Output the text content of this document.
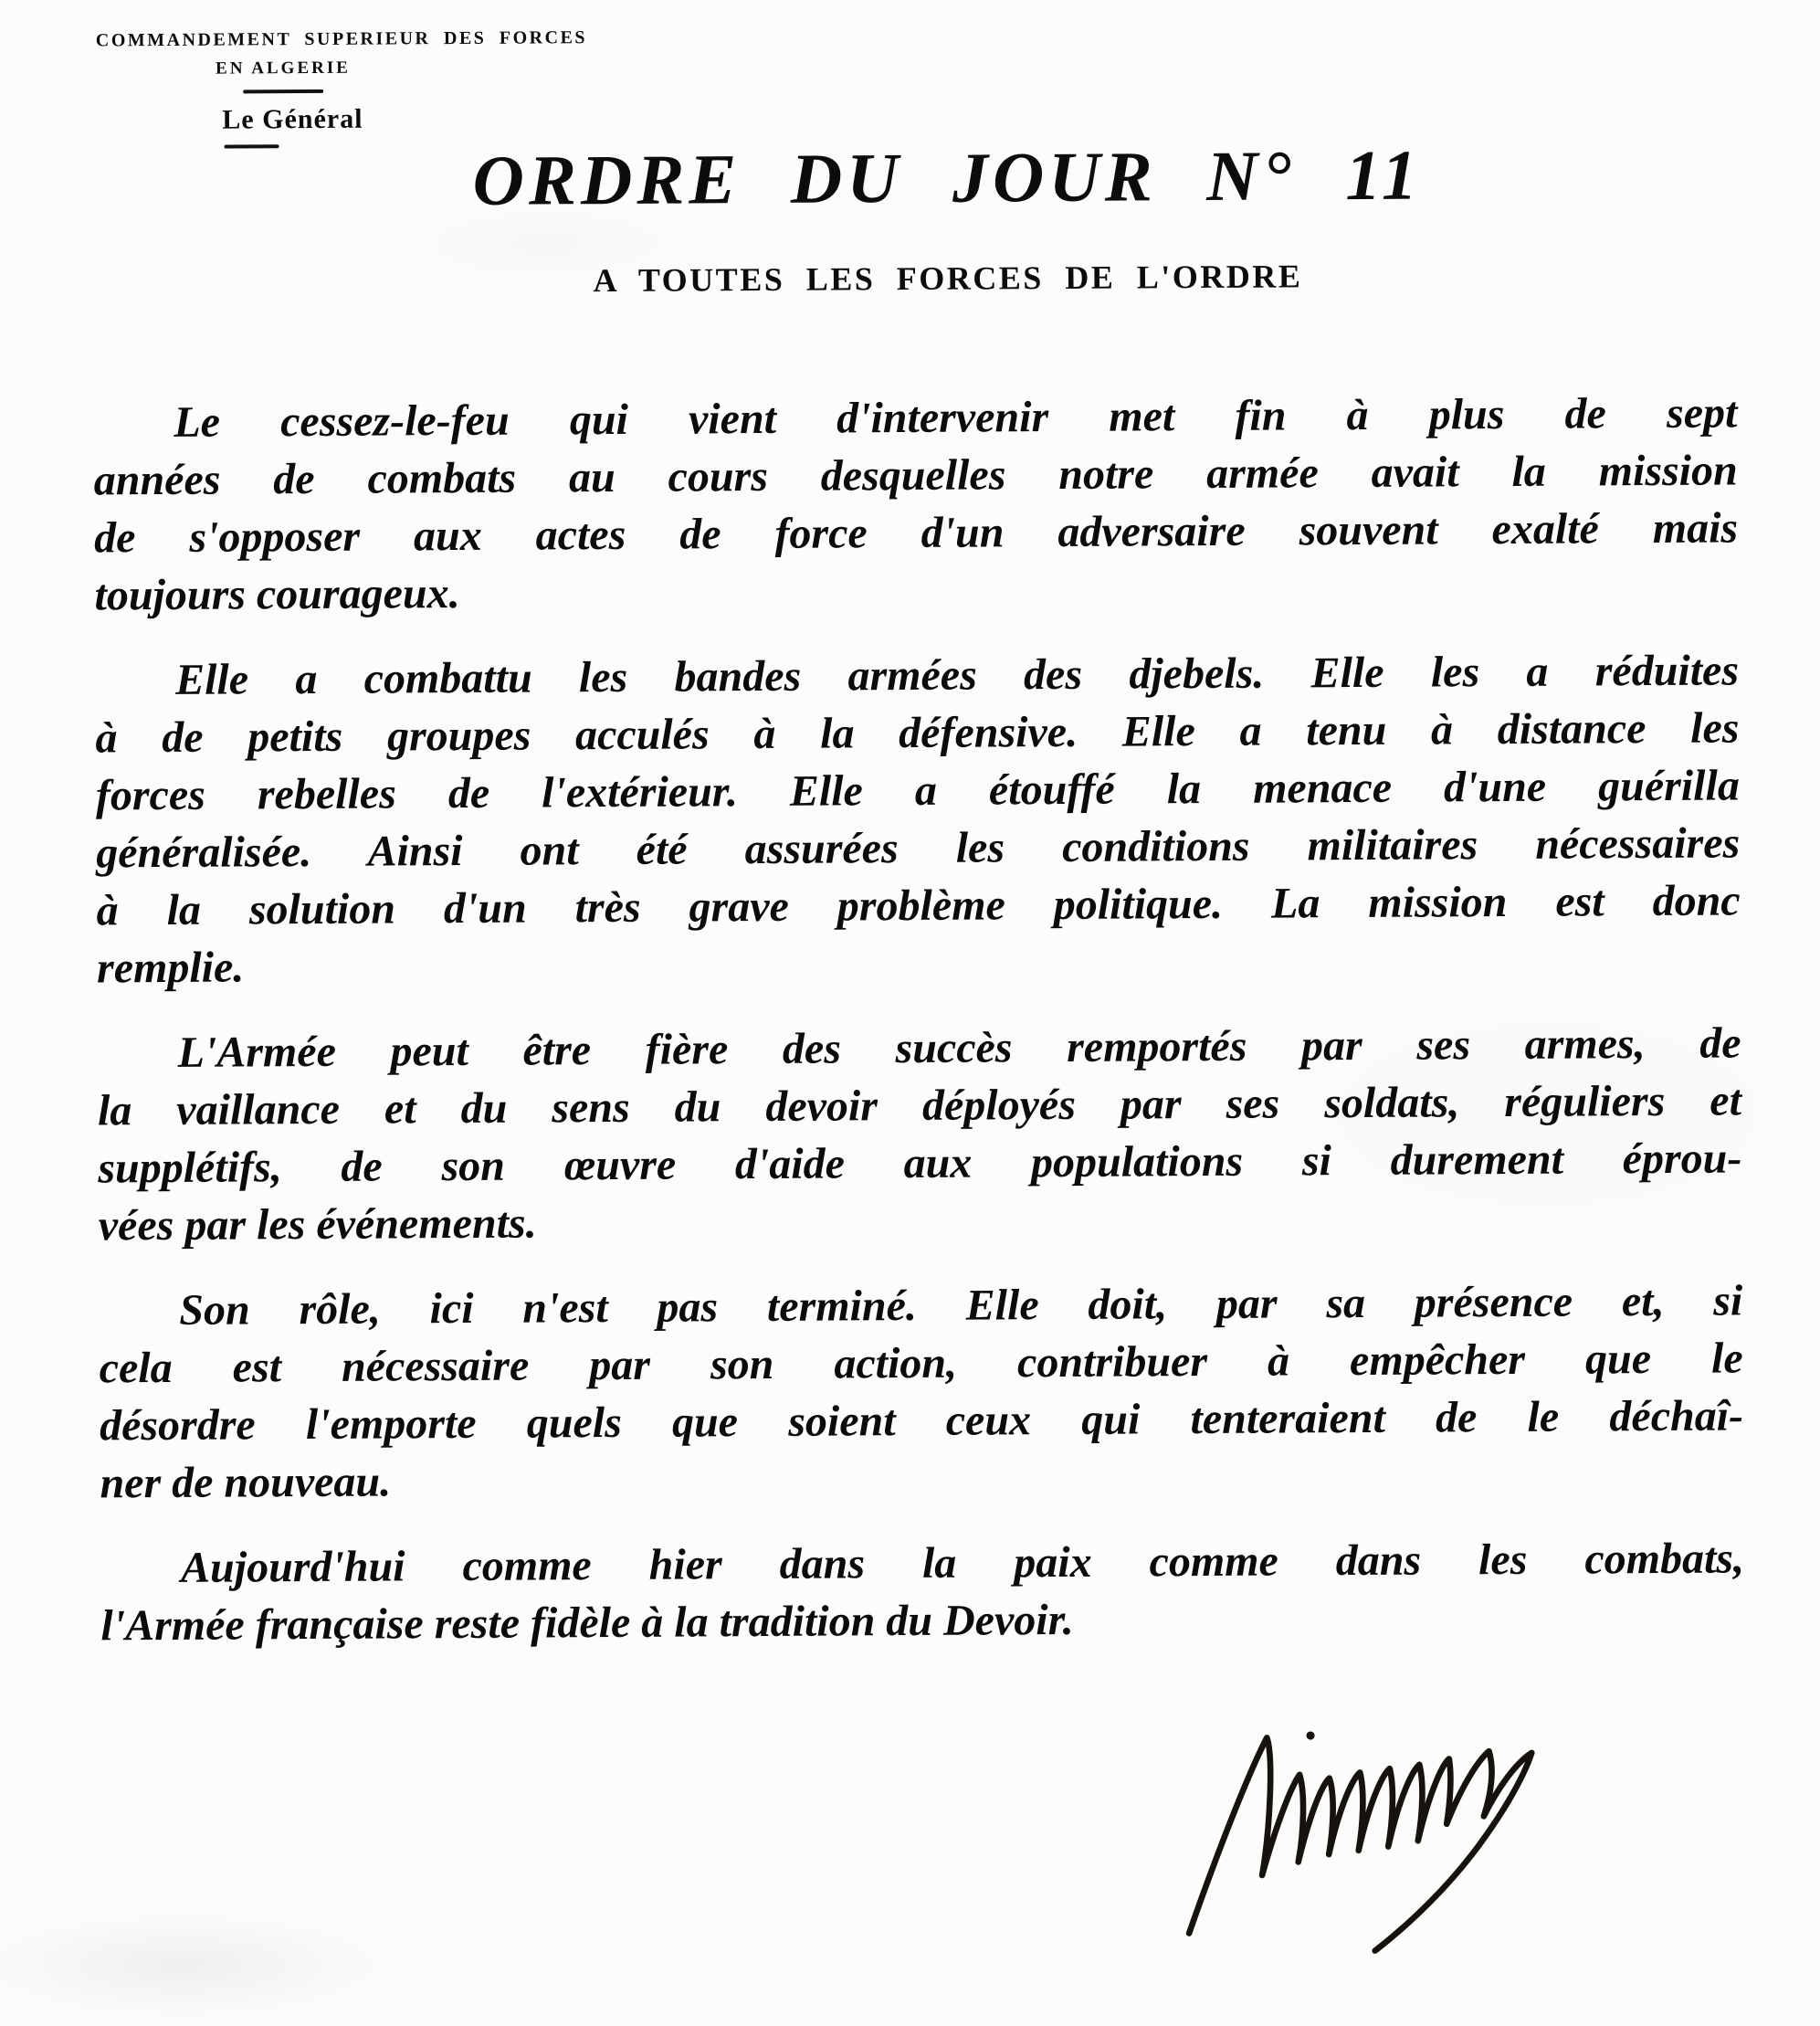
COMMANDEMENT SUPERIEUR DES FORCES
EN ALGERIE
Le Général
ORDRE DU JOUR N° 11
A TOUTES LES FORCES DE L'ORDRE
Le cessez-le-feu qui vient d'intervenir met fin à plus de sept
années de combats au cours desquelles notre armée avait la mission
de s'opposer aux actes de force d'un adversaire souvent exalté mais
toujours courageux.
Elle a combattu les bandes armées des djebels. Elle les a réduites
à de petits groupes acculés à la défensive. Elle a tenu à distance les
forces rebelles de l'extérieur. Elle a étouffé la menace d'une guérilla
généralisée. Ainsi ont été assurées les conditions militaires nécessaires
à la solution d'un très grave problème politique. La mission est donc
remplie.
L'Armée peut être fière des succès remportés par ses armes, de
la vaillance et du sens du devoir déployés par ses soldats, réguliers et
supplétifs, de son œuvre d'aide aux populations si durement éprou-
vées par les événements.
Son rôle, ici n'est pas terminé. Elle doit, par sa présence et, si
cela est nécessaire par son action, contribuer à empêcher que le
désordre l'emporte quels que soient ceux qui tenteraient de le déchaî-
ner de nouveau.
Aujourd'hui comme hier dans la paix comme dans les combats,
l'Armée française reste fidèle à la tradition du Devoir.
